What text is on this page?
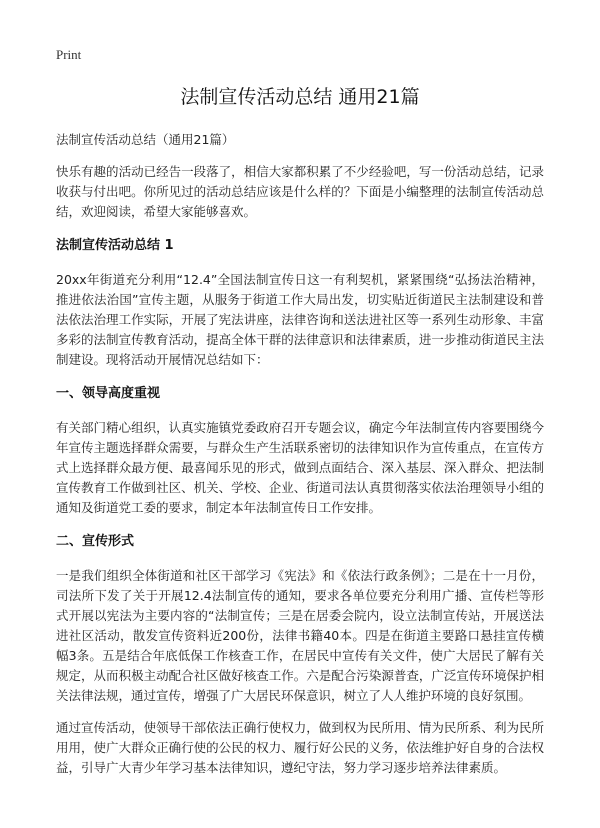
Print
法制宣传活动总结 通用21篇

法制宣传活动总结（通用21篇）

快乐有趣的活动已经告一段落了，相信大家都积累了不少经验吧，写一份活动总结，记录收获与付出吧。你所见过的活动总结应该是什么样的？下面是小编整理的法制宣传活动总结，欢迎阅读，希望大家能够喜欢。

法制宣传活动总结 1

20xx年街道充分利用“12.4”全国法制宣传日这一有利契机，紧紧围绕“弘扬法治精神，推进依法治国”宣传主题，从服务于街道工作大局出发，切实贴近街道民主法制建设和普法依法治理工作实际，开展了宪法讲座，法律咨询和送法进社区等一系列生动形象、丰富多彩的法制宣传教育活动，提高全体干群的法律意识和法律素质，进一步推动街道民主法制建设。现将活动开展情况总结如下：

一、领导高度重视

有关部门精心组织，认真实施镇党委政府召开专题会议，确定今年法制宣传内容要围绕今年宣传主题选择群众需要，与群众生产生活联系密切的法律知识作为宣传重点，在宣传方式上选择群众最方便、最喜闻乐见的形式，做到点面结合、深入基层、深入群众、把法制宣传教育工作做到社区、机关、学校、企业、街道司法认真贯彻落实依法治理领导小组的通知及街道党工委的要求，制定本年法制宣传日工作安排。

二、宣传形式

一是我们组织全体街道和社区干部学习《宪法》和《依法行政条例》；二是在十一月份，司法所下发了关于开展12.4法制宣传的通知，要求各单位要充分利用广播、宣传栏等形式开展以宪法为主要内容的“法制宣传；三是在居委会院内，设立法制宣传站，开展送法进社区活动，散发宣传资料近200份，法律书籍40本。四是在街道主要路口悬挂宣传横幅3条。五是结合年底低保工作核查工作，在居民中宣传有关文件，使广大居民了解有关规定，从而积极主动配合社区做好核查工作。六是配合污染源普查，广泛宣传环境保护相关法律法规，通过宣传，增强了广大居民环保意识，树立了人人维护环境的良好氛围。

通过宣传活动，使领导干部依法正确行使权力，做到权为民所用、情为民所系、利为民所用用，使广大群众正确行使的公民的权力、履行好公民的义务，依法维护好自身的合法权益，引导广大青少年学习基本法律知识，遵纪守法，努力学习逐步培养法律素质。
